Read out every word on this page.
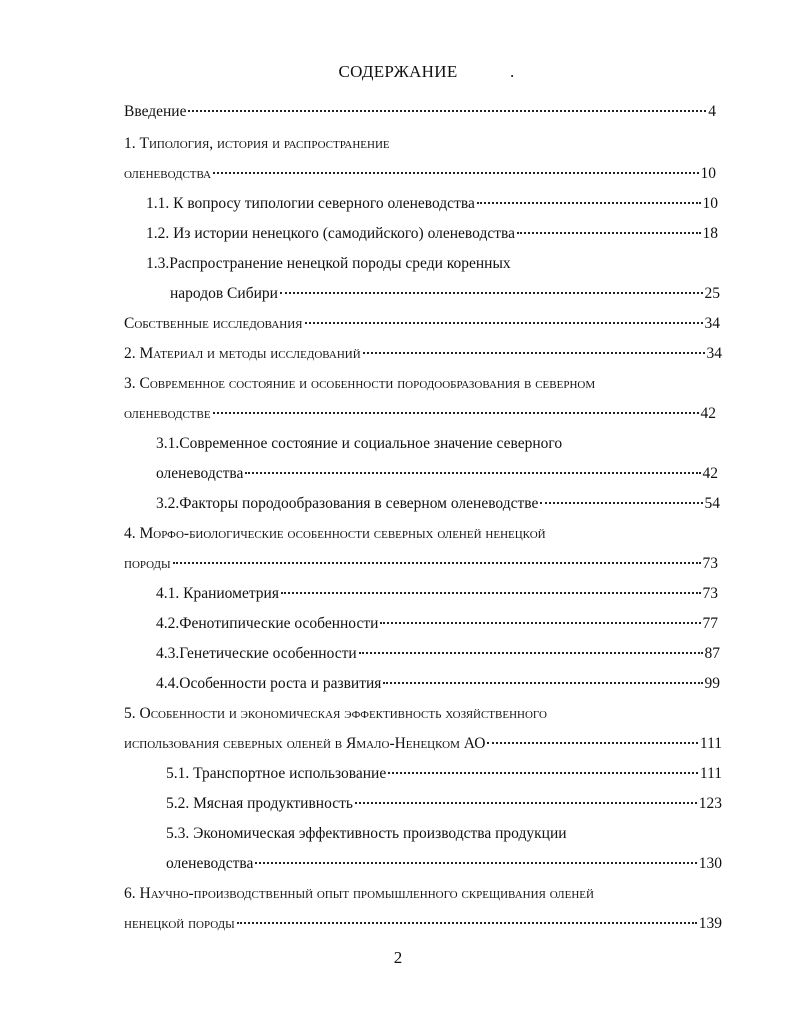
СОДЕРЖАНИЕ	.
Введение	4
1. Типология, история и распространение
оленеводства	10
1.1. К вопросу типологии северного оленеводства	10
1.2. Из истории ненецкого (самодийского) оленеводства	18
1.3.Распространение ненецкой породы среди коренных
народов Сибири	25
Собственные исследования	34
2. Материал и методы исследований	34
3. Современное состояние и особенности породообразования в северном
оленеводстве	42
3.1.Современное состояние и социальное значение северного
оленеводства	42
3.2.Факторы породообразования в северном оленеводстве	54
4. Морфо-биологические особенности северных оленей ненецкой
породы	73
4.1. Краниометрия	73
4.2.Фенотипические особенности	77
4.3.Генетические особенности	87
4.4.Особенности роста и развития	99
5. Особенности и экономическая эффективность хозяйственного
использования северных оленей в Ямало-Ненецком АО	111
5.1. Транспортное использование	111
5.2. Мясная продуктивность	123
5.3. Экономическая эффективность производства продукции
оленеводства	130
6. Научно-производственный опыт промышленного скрещивания оленей
ненецкой породы	139
2
